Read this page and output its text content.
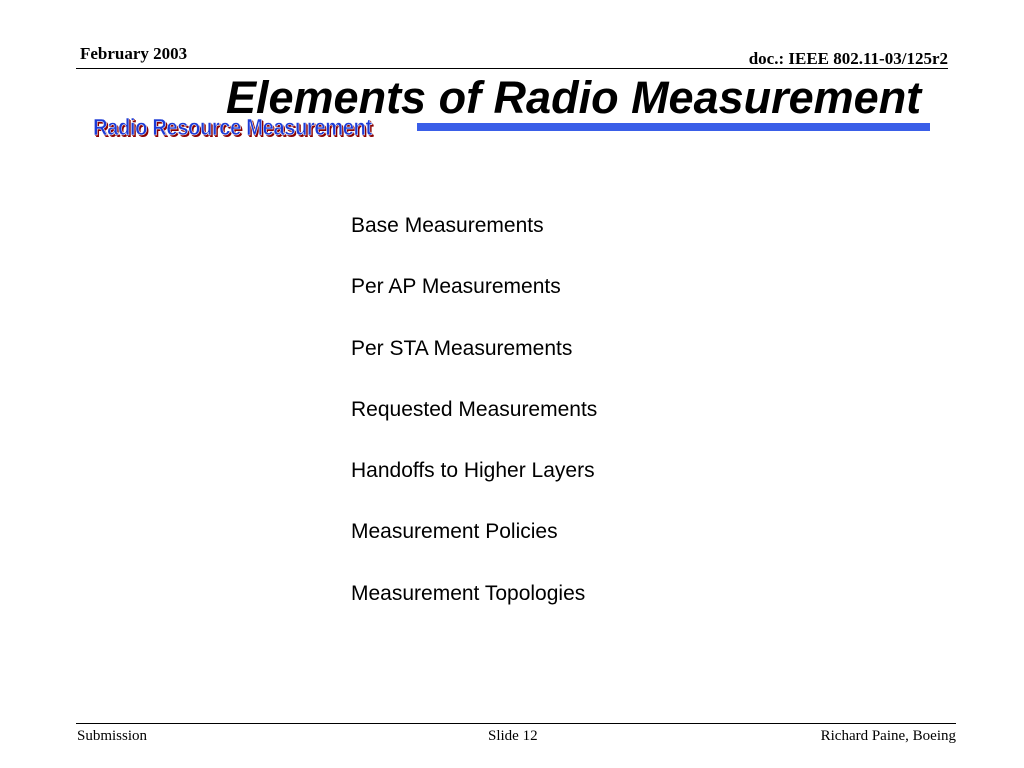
February 2003	doc.: IEEE 802.11-03/125r2
Elements of Radio Measurement
Radio Resource Measurement
Base Measurements
Per AP Measurements
Per STA Measurements
Requested Measurements
Handoffs to Higher Layers
Measurement Policies
Measurement Topologies
Submission	Slide 12	Richard Paine, Boeing
